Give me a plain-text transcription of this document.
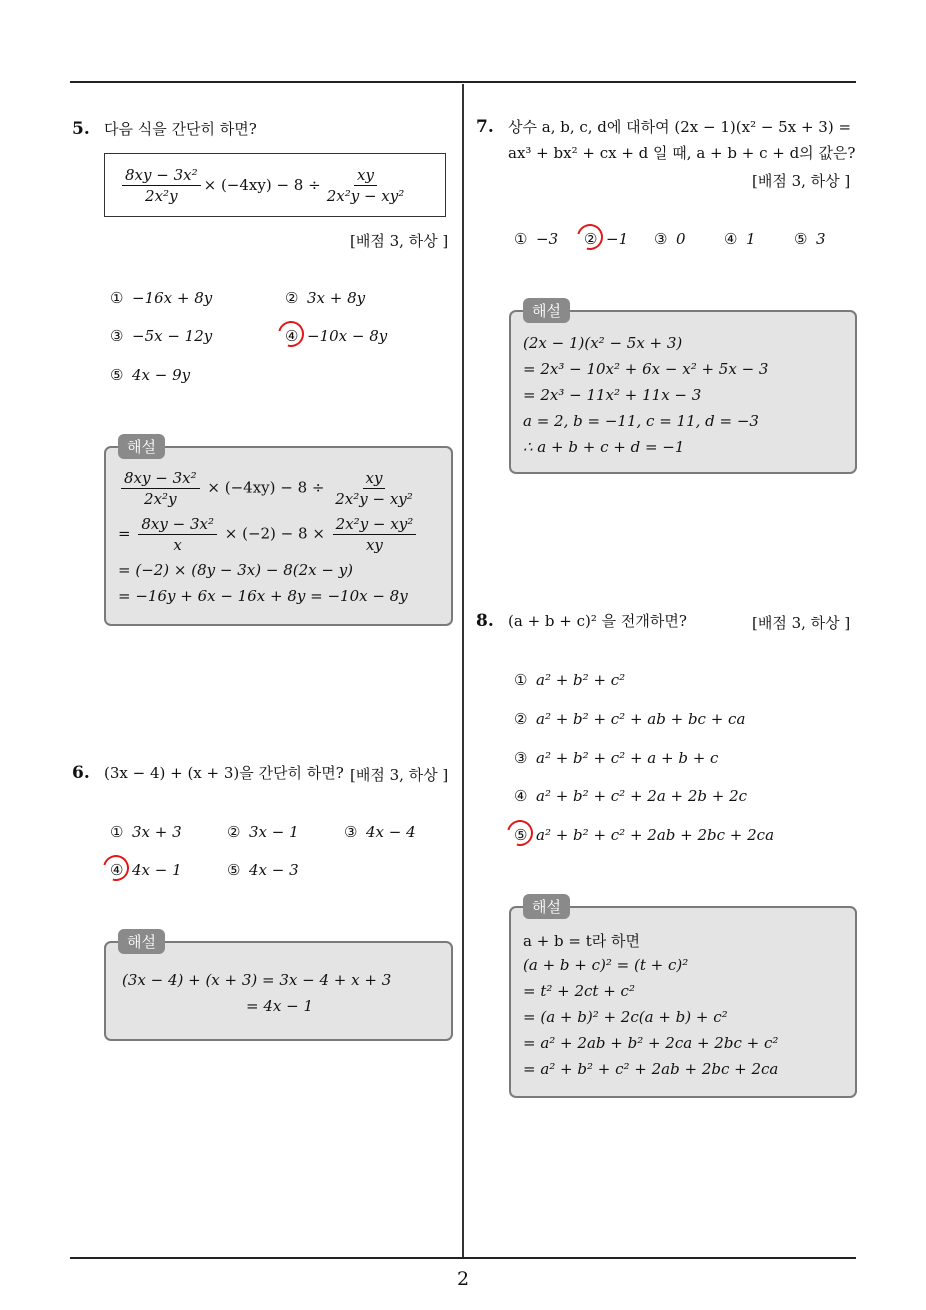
5. 다음 식을 간단히 하면?
$\frac{\text{8xy − 3x²}}{\text{2x²y}} \times (-4xy) - 8 \div \frac{xy}{\text{2x²y − xy²}}$
[배점 3, 하상 ]
① −16x + 8y	② 3x + 8y
③ −5x − 12y	④ −10x − 8y
⑤ 4x − 9y
해설
$\frac{\text{8xy − 3x²}}{\text{2x²y}} \times (-4xy) - 8 \div \frac{xy}{\text{2x²y − xy²}}$
= $\frac{\text{8xy − 3x²}}{x} \times (-2) - 8 \times \frac{\text{2x²y − xy²}}{xy}$
= (−2) × (8y − 3x) − 8(2x − y)
= −16y + 6x − 16x + 8y = −10x − 8y
6. (3x − 4) + (x + 3)을 간단히 하면? [배점 3, 하상 ]
① 3x + 3	② 3x − 1	③ 4x − 4
④ 4x − 1	⑤ 4x − 3
해설
(3x − 4) + (x + 3) = 3x − 4 + x + 3
= 4x − 1
7. 상수 a, b, c, d에 대하여 (2x − 1)(x² − 5x + 3) =
ax³ + bx² + cx + d 일 때, a + b + c + d의 값은?
[배점 3, 하상 ]
① −3 ② −1 ③ 0	④ 1	⑤ 3
해설
(2x − 1)(x² − 5x + 3)
= 2x³ − 10x² + 6x − x² + 5x − 3
= 2x³ − 11x² + 11x − 3
a = 2, b = −11, c = 11, d = −3
∴ a + b + c + d = −1
8. (a + b + c)² 을 전개하면?	[배점 3, 하상 ]
① a² + b² + c²
② a² + b² + c² + ab + bc + ca
③ a² + b² + c² + a + b + c
④ a² + b² + c² + 2a + 2b + 2c
⑤ a² + b² + c² + 2ab + 2bc + 2ca
해설
a + b = t라 하면
(a + b + c)² = (t + c)²
= t² + 2ct + c²
= (a + b)² + 2c(a + b) + c²
= a² + 2ab + b² + 2ca + 2bc + c²
= a² + b² + c² + 2ab + 2bc + 2ca
2
